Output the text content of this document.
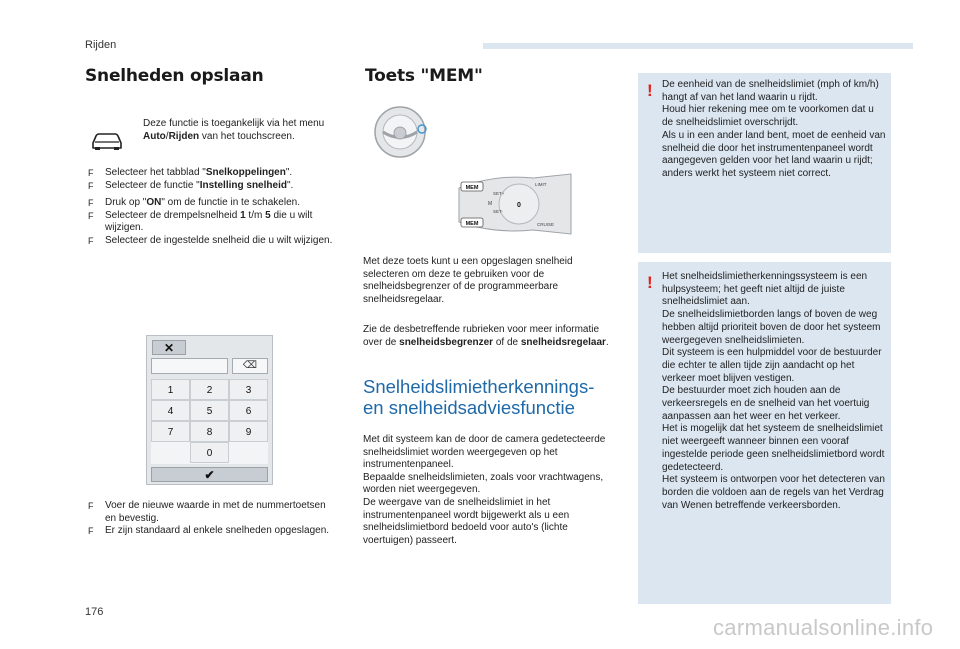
Rijden
Snelheden opslaan
Deze functie is toegankelijk via het menu Auto/Rijden van het touchscreen.
F Selecteer het tabblad "Snelkoppelingen".
F Selecteer de functie "Instelling snelheid".
F Druk op "ON" om de functie in te schakelen.
F Selecteer de drempelsnelheid 1 t/m 5 die u wilt wijzigen.
F Selecteer de ingestelde snelheid die u wilt wijzigen.
✕
⌫
1	2	3
4	5	6
7	8	9
0
✔
F Voer de nieuwe waarde in met de nummertoetsen en bevestig.
F Er zijn standaard al enkele snelheden opgeslagen.
Toets "MEM"
MEM
MEM
SET+
SET-
M	0
LIMIT
CRUISE
Met deze toets kunt u een opgeslagen snelheid selecteren om deze te gebruiken voor de snelheidsbegrenzer of de programmeerbare snelheidsregelaar.
Zie de desbetreffende rubrieken voor meer informatie over de snelheidsbegrenzer of de snelheidsregelaar.
Snelheidslimietherkennings-
en snelheidsadviesfunctie
Met dit systeem kan de door de camera gedetecteerde snelheidslimiet worden weergegeven op het instrumentenpaneel.
Bepaalde snelheidslimieten, zoals voor vrachtwagens, worden niet weergegeven.
De weergave van de snelheidslimiet in het instrumentenpaneel wordt bijgewerkt als u een snelheidslimietbord bedoeld voor auto's (lichte voertuigen) passeert.
! De eenheid van de snelheidslimiet (mph of km/h) hangt af van het land waarin u rijdt.
Houd hier rekening mee om te voorkomen dat u de snelheidslimiet overschrijdt.
Als u in een ander land bent, moet de eenheid van snelheid die door het instrumentenpaneel wordt aangegeven gelden voor het land waarin u rijdt; anders werkt het systeem niet correct.
! Het snelheidslimietherkenningssysteem is een hulpsysteem; het geeft niet altijd de juiste snelheidslimiet aan.
De snelheidslimietborden langs of boven de weg hebben altijd prioriteit boven de door het systeem weergegeven snelheidslimieten.
Dit systeem is een hulpmiddel voor de bestuurder die echter te allen tijde zijn aandacht op het verkeer moet blijven vestigen.
De bestuurder moet zich houden aan de verkeersregels en de snelheid van het voertuig aanpassen aan het weer en het verkeer.
Het is mogelijk dat het systeem de snelheidslimiet niet weergeeft wanneer binnen een vooraf ingestelde periode geen snelheidslimietbord wordt gedetecteerd.
Het systeem is ontworpen voor het detecteren van borden die voldoen aan de regels van het Verdrag van Wenen betreffende verkeersborden.
176
carmanualsonline.info
